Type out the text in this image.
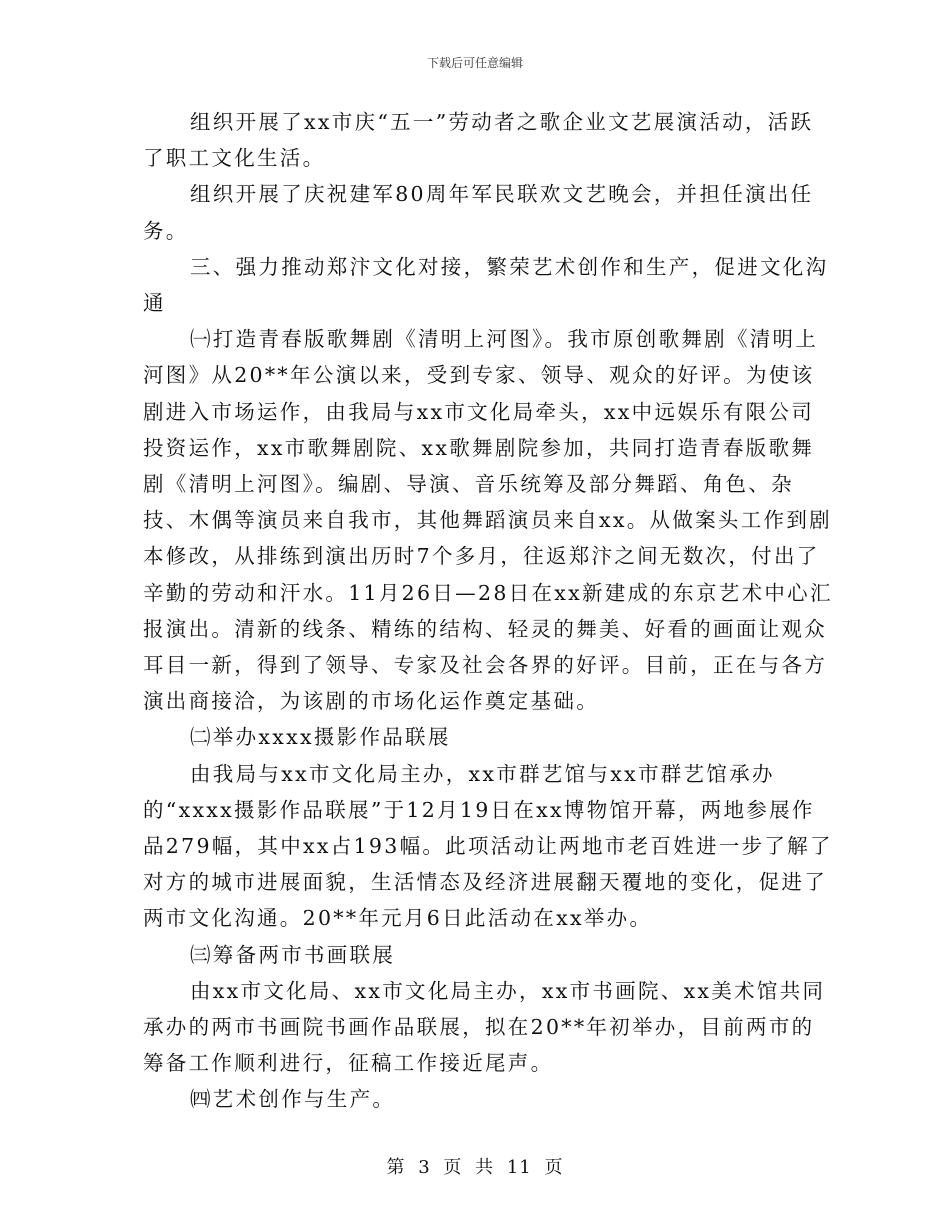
下载后可任意编辑

组织开展了xx市庆“五一”劳动者之歌企业文艺展演活动，活跃了职工文化生活。

组织开展了庆祝建军80周年军民联欢文艺晚会，并担任演出任务。

三、强力推动郑汴文化对接，繁荣艺术创作和生产，促进文化沟通

㈠打造青春版歌舞剧《清明上河图》。我市原创歌舞剧《清明上河图》从20**年公演以来，受到专家、领导、观众的好评。为使该剧进入市场运作，由我局与xx市文化局牵头，xx中远娱乐有限公司投资运作，xx市歌舞剧院、xx歌舞剧院参加，共同打造青春版歌舞剧《清明上河图》。编剧、导演、音乐统筹及部分舞蹈、角色、杂技、木偶等演员来自我市，其他舞蹈演员来自xx。从做案头工作到剧本修改，从排练到演出历时7个多月，往返郑汴之间无数次，付出了辛勤的劳动和汗水。11月26日—28日在xx新建成的东京艺术中心汇报演出。清新的线条、精练的结构、轻灵的舞美、好看的画面让观众耳目一新，得到了领导、专家及社会各界的好评。目前，正在与各方演出商接洽，为该剧的市场化运作奠定基础。

㈡举办xxxx摄影作品联展

由我局与xx市文化局主办，xx市群艺馆与xx市群艺馆承办的“xxxx摄影作品联展”于12月19日在xx博物馆开幕，两地参展作品279幅，其中xx占193幅。此项活动让两地市老百姓进一步了解了对方的城市进展面貌，生活情态及经济进展翻天覆地的变化，促进了两市文化沟通。20**年元月6日此活动在xx举办。

㈢筹备两市书画联展

由xx市文化局、xx市文化局主办，xx市书画院、xx美术馆共同承办的两市书画院书画作品联展，拟在20**年初举办，目前两市的筹备工作顺利进行，征稿工作接近尾声。

㈣艺术创作与生产。

第 3 页 共 11 页
